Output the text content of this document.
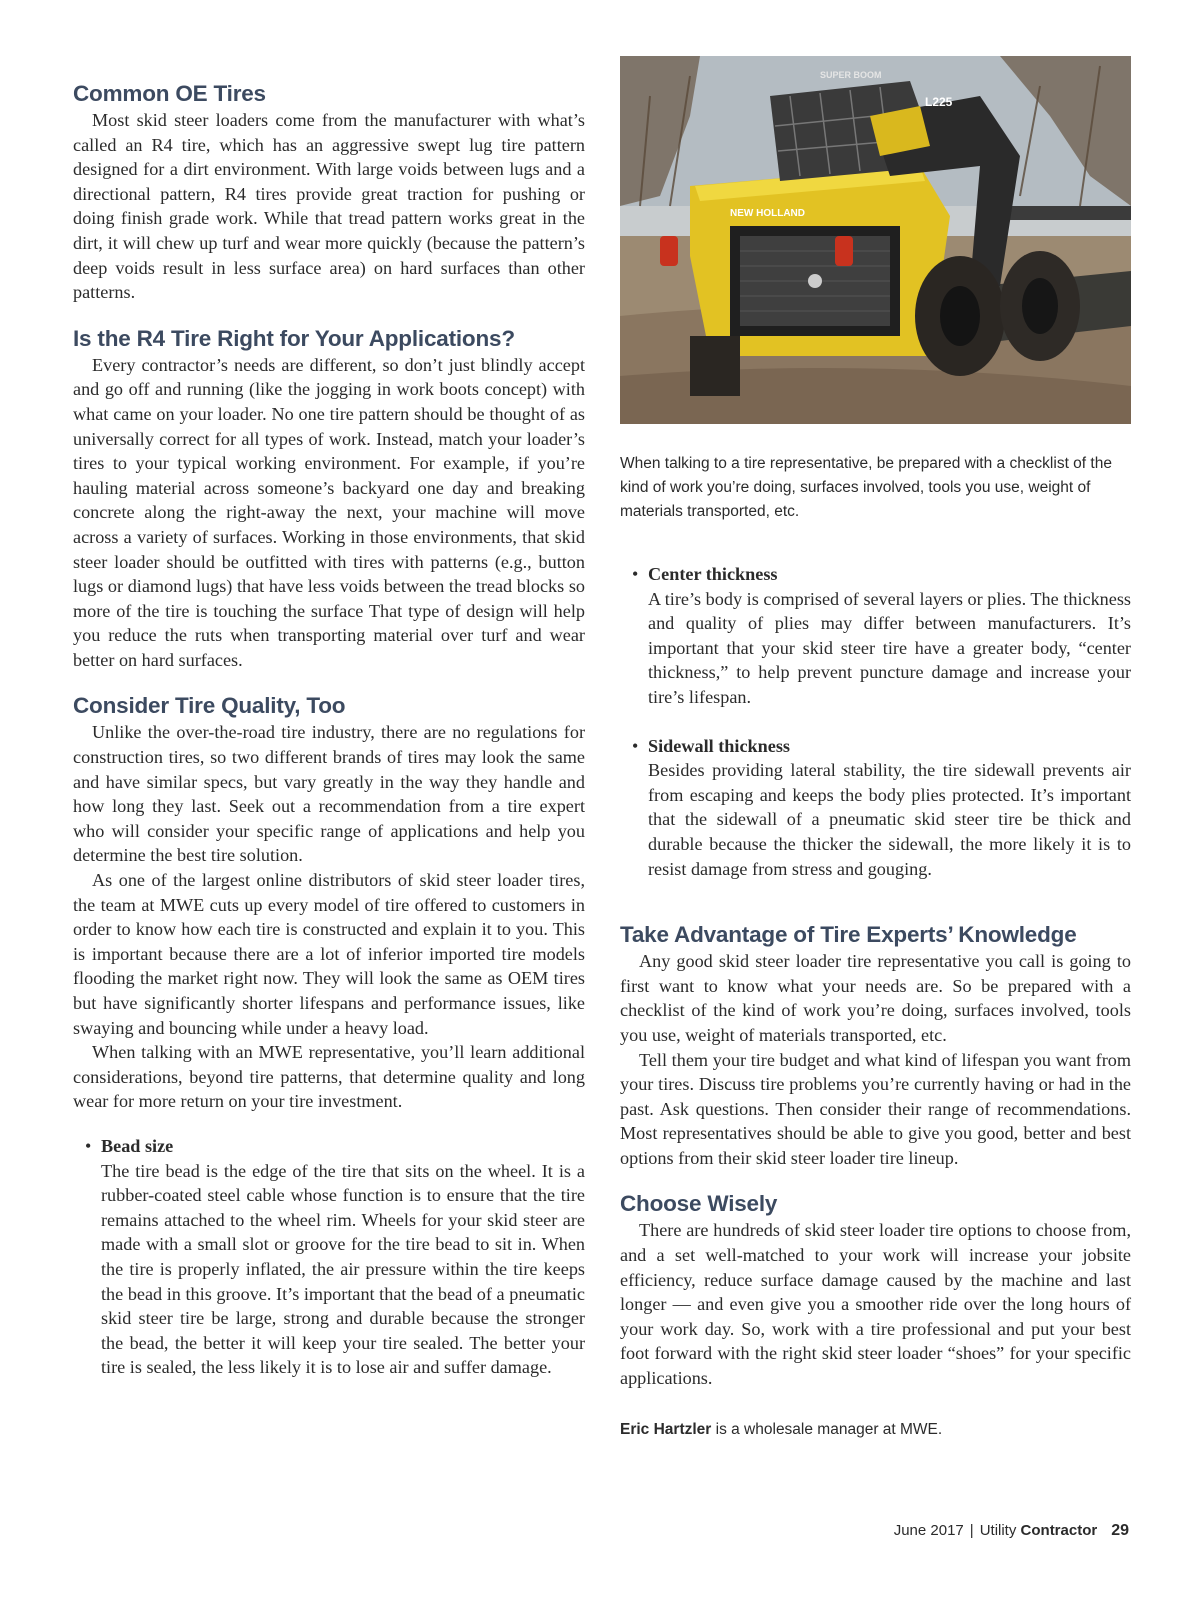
Common OE Tires

Most skid steer loaders come from the manufacturer with what’s called an R4 tire, which has an aggressive swept lug tire pattern designed for a dirt environment. With large voids between lugs and a directional pattern, R4 tires provide great traction for pushing or doing finish grade work. While that tread pattern works great in the dirt, it will chew up turf and wear more quickly (because the pattern’s deep voids result in less surface area) on hard surfaces than other patterns.

Is the R4 Tire Right for Your Applications?

Every contractor’s needs are different, so don’t just blindly accept and go off and running (like the jogging in work boots concept) with what came on your loader. No one tire pattern should be thought of as universally correct for all types of work. Instead, match your loader’s tires to your typical working environment. For example, if you’re hauling material across someone’s backyard one day and breaking concrete along the right-away the next, your machine will move across a variety of surfaces. Working in those environments, that skid steer loader should be outfitted with tires with patterns (e.g., button lugs or diamond lugs) that have less voids between the tread blocks so more of the tire is touching the surface That type of design will help you reduce the ruts when transporting material over turf and wear better on hard surfaces.

Consider Tire Quality, Too

Unlike the over-the-road tire industry, there are no regulations for construction tires, so two different brands of tires may look the same and have similar specs, but vary greatly in the way they handle and how long they last. Seek out a recommendation from a tire expert who will consider your specific range of applications and help you determine the best tire solution.

As one of the largest online distributors of skid steer loader tires, the team at MWE cuts up every model of tire offered to customers in order to know how each tire is constructed and explain it to you. This is important because there are a lot of inferior imported tire models flooding the market right now. They will look the same as OEM tires but have significantly shorter lifespans and performance issues, like swaying and bouncing while under a heavy load.

When talking with an MWE representative, you’ll learn additional considerations, beyond tire patterns, that determine quality and long wear for more return on your tire investment.

• Bead size
The tire bead is the edge of the tire that sits on the wheel. It is a rubber-coated steel cable whose function is to ensure that the tire remains attached to the wheel rim. Wheels for your skid steer are made with a small slot or groove for the tire bead to sit in. When the tire is properly inflated, the air pressure within the tire keeps the bead in this groove. It’s important that the bead of a pneumatic skid steer tire be large, strong and durable because the stronger the bead, the better it will keep your tire sealed. The better your tire is sealed, the less likely it is to lose air and suffer damage.
NEW HOLLAND
L225
SUPER BOOM
When talking to a tire representative, be prepared with a checklist of the kind of work you’re doing, surfaces involved, tools you use, weight of materials transported, etc.
• Center thickness
A tire’s body is comprised of several layers or plies. The thickness and quality of plies may differ between manufacturers. It’s important that your skid steer tire have a greater body, “center thickness,” to help prevent puncture damage and increase your tire’s lifespan.
• Sidewall thickness
Besides providing lateral stability, the tire sidewall prevents air from escaping and keeps the body plies protected. It’s important that the sidewall of a pneumatic skid steer tire be thick and durable because the thicker the sidewall, the more likely it is to resist damage from stress and gouging.
Take Advantage of Tire Experts’ Knowledge

Any good skid steer loader tire representative you call is going to first want to know what your needs are. So be prepared with a checklist of the kind of work you’re doing, surfaces involved, tools you use, weight of materials transported, etc.

Tell them your tire budget and what kind of lifespan you want from your tires. Discuss tire problems you’re currently having or had in the past. Ask questions. Then consider their range of recommendations. Most representatives should be able to give you good, better and best options from their skid steer loader tire lineup.

Choose Wisely

There are hundreds of skid steer loader tire options to choose from, and a set well-matched to your work will increase your jobsite efficiency, reduce surface damage caused by the machine and last longer — and even give you a smoother ride over the long hours of your work day. So, work with a tire professional and put your best foot forward with the right skid steer loader “shoes” for your specific applications.

Eric Hartzler is a wholesale manager at MWE.
June 2017 | Utility Contractor 29
